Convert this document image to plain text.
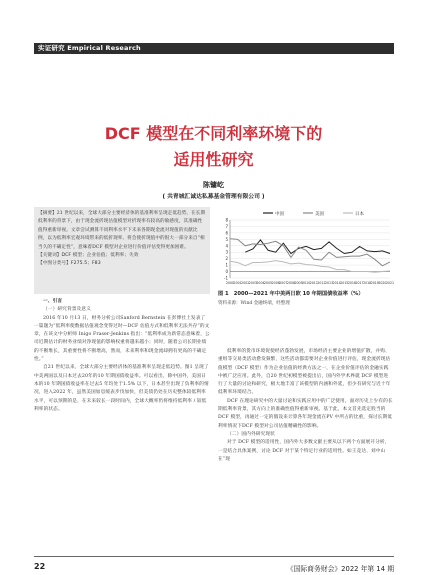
实证研究 Empirical Research
DCF 模型在不同利率环境下的
适用性研究
陈镛屹
( 共青城汇诚达私募基金管理有限公司 )
【摘要】21 世纪以来，全球大部分主要经济体的基准利率呈现走低趋势，在长期低利率的背景下，由于现金流折现估值模型对折现率有较高的敏感度，其准确性值得重新审视。文章尝试测算不同利率水平下未来各期现金流对现值的贡献比例，以为低利率宏观环境带来的低折现率、将会使折现值中的很大一部分来自“相当久的不确定性”，意味着DCF 模型对企业进行价值评估变得更加困难。
【关键词】DCF 模型；企业估值；低利率；失效
【中图分类号】F275.5；F83

一、引言

（一）研究背景及意义

2016 年10 月13 日，财务分析公司Sanford Bernstein 在彭博社上发表了一篇题为“低利率使数据估值观念变得过时—DCF 估值方式和低利率无法共存”的文章，在该文中分析师 Inigo Fraser-Jenkins 指出：“低利率成为新常态意味着，公司近期估计的财务业绩对净现值的影响权重将越来越小；同时，随着公司长期业绩的不断堆长，其重要性将不断增高，然而，未来利率和现金流却拥有更高的不确定性。”

自21 世纪以来，全球大部分主要经济体的基准利率呈现走低趋势。图1 呈现了中美两国以及日本过去20年的10 年期国债收益率。可以看出，除中国外，美国日本的10 年期国债收益率在过去5 年均处于1.5% 以下，日本甚至出现了负利率的情况，进入2022 年，虽然美国加息缓表步伐加快，但美债仍处在历史整体较低利率水平，可以预期的是，在未来较长一段时间内，全球大概率仍将维持低利率 / 较低利率的状态。

中国	美国	日本
8
7
6
5
4
3
2
1
0
-1
2000 2001 2002 2003 2004 2005 2006 2007 2008 2009 2010 2011 2012 2013 2014 2015 2016 2017 2018 2019 2020 2021
图 1　2000—2021 年中美两日欧 10 年期国债收益率（%）
资料来源：Wind 金融终端，经整理

低利率的货币环境促使经济蓬勃发展，市场经济主要企业的增值扩散，并购、重组等交易类活动愈发频繁，这些活动都需要对企业价值进行评估，现金流折现估值模型（DCF 模型）作为企业估值的经典方法之一，在企业价值评估的金融实践中被广泛应用。此外，自20 世纪初模型被提出后，国内外学术界就 DCF 模型进行了大量的讨论和研究，极大地丰富了该模型的内涵和外延，但少有研究与近十年低利率环境结合。

DCF 在理论研究中的大量讨论和实践应用中的广泛使用，面对历史上少有的长期低利率背景，其方向上的准确性值得重新审视。基于此，本文首先选定股当的DCF 模型，再通过一定的假设来计算各年现金流在PV 中所占的比重，探讨长期低利率情况下DCF 模型对公司估值精确性的影响。

（二）国内外研究现状

对于 DCF 模型的适用性，国内外大多数文献主要从以下两个方面展开分析，一是结合具体案例，讨论 DCF 对于某个特定行业的适用性。如王竞达、刘中山在“现

22	《国际商务财会》2022 年第 14 期
